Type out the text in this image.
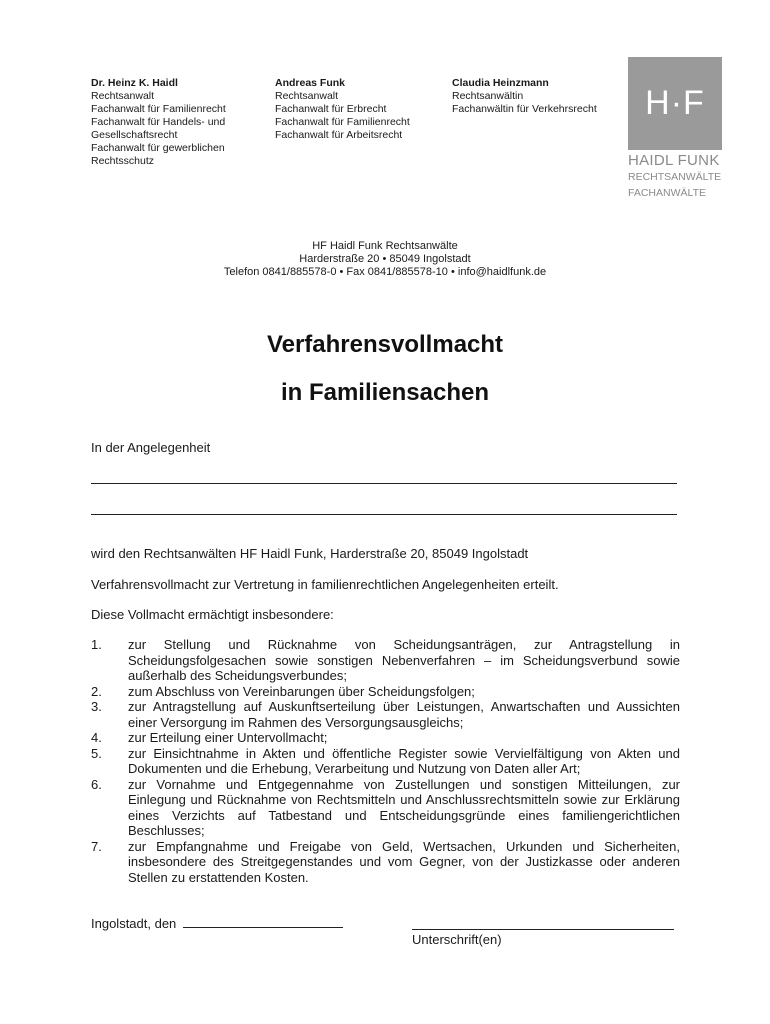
Dr. Heinz K. Haidl
Rechtsanwalt
Fachanwalt für Familienrecht
Fachanwalt für Handels- und
Gesellschaftsrecht
Fachanwalt für gewerblichen
Rechtsschutz
Andreas Funk
Rechtsanwalt
Fachanwalt für Erbrecht
Fachanwalt für Familienrecht
Fachanwalt für Arbeitsrecht
Claudia Heinzmann
Rechtsanwältin
Fachanwältin für Verkehrsrecht H·F
HAIDL FUNK
RECHTSANWÄLTE
FACHANWÄLTE
HF Haidl Funk Rechtsanwälte
Harderstraße 20 • 85049 Ingolstadt
Telefon 0841/885578-0 • Fax 0841/885578-10 • info@haidlfunk.de
Verfahrensvollmacht
in Familiensachen
In der Angelegenheit
wird den Rechtsanwälten HF Haidl Funk, Harderstraße 20, 85049 Ingolstadt
Verfahrensvollmacht zur Vertretung in familienrechtlichen Angelegenheiten erteilt.
Diese Vollmacht ermächtigt insbesondere:
1.	zur Stellung und Rücknahme von Scheidungsanträgen, zur Antragstellung in Scheidungsfolgesachen sowie sonstigen Nebenverfahren – im Scheidungsverbund sowie außerhalb des Scheidungsverbundes;
2.	zum Abschluss von Vereinbarungen über Scheidungsfolgen;
3.	zur Antragstellung auf Auskunftserteilung über Leistungen, Anwartschaften und Aussichten einer Versorgung im Rahmen des Versorgungsausgleichs;
4.	zur Erteilung einer Untervollmacht;
5.	zur Einsichtnahme in Akten und öffentliche Register sowie Vervielfältigung von Akten und Dokumenten und die Erhebung, Verarbeitung und Nutzung von Daten aller Art;
6.	zur Vornahme und Entgegennahme von Zustellungen und sonstigen Mitteilungen, zur Einlegung und Rücknahme von Rechtsmitteln und Anschlussrechtsmitteln sowie zur Erklärung eines Verzichts auf Tatbestand und Entscheidungsgründe eines familiengerichtlichen Beschlusses;
7.	zur Empfangnahme und Freigabe von Geld, Wertsachen, Urkunden und Sicherheiten, insbesondere des Streitgegenstandes und vom Gegner, von der Justizkasse oder anderen Stellen zu erstattenden Kosten.
Ingolstadt, den
Unterschrift(en)
